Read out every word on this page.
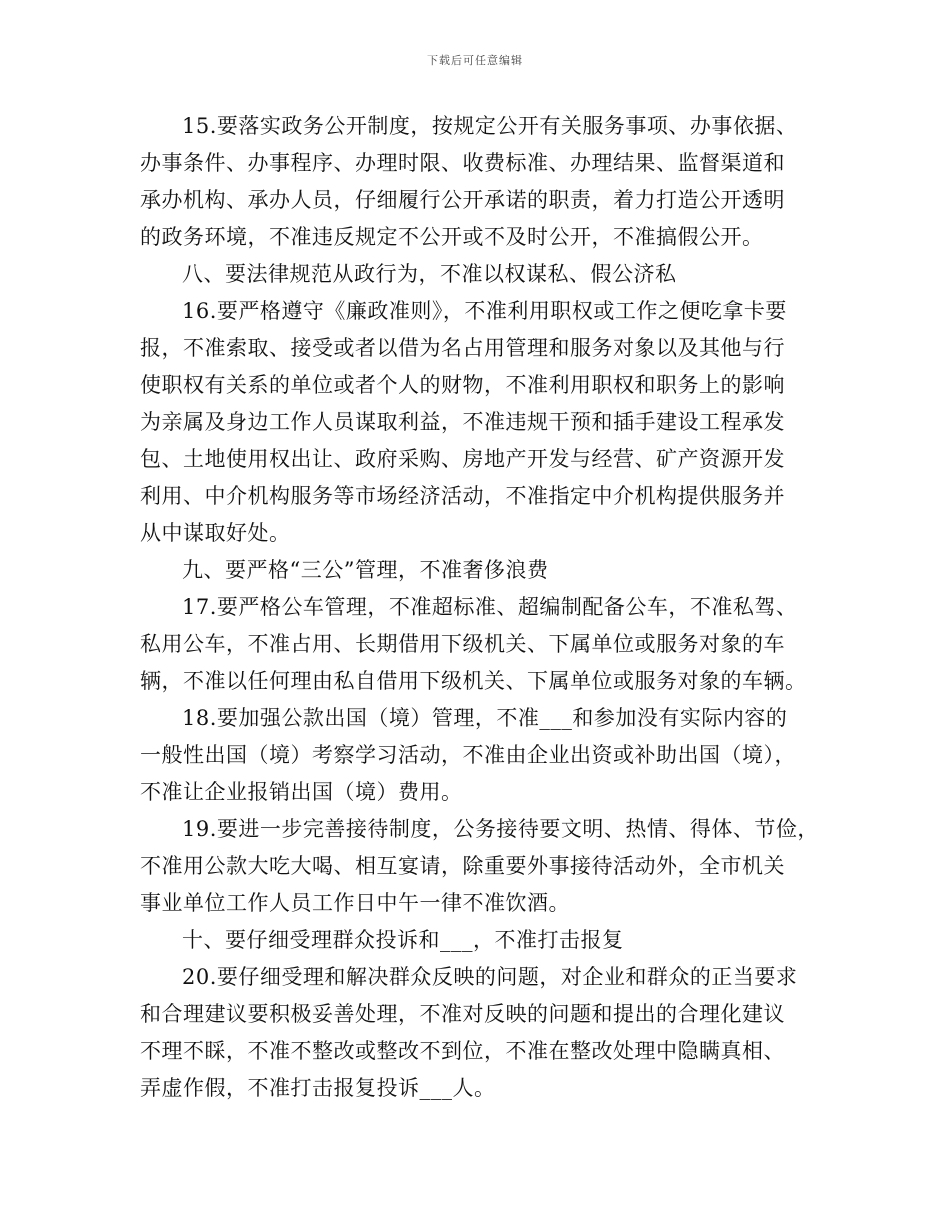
下载后可任意编辑

15.要落实政务公开制度，按规定公开有关服务事项、办事依据、
办事条件、办事程序、办理时限、收费标准、办理结果、监督渠道和
承办机构、承办人员，仔细履行公开承诺的职责，着力打造公开透明
的政务环境，不准违反规定不公开或不及时公开，不准搞假公开。

八、要法律规范从政行为，不准以权谋私、假公济私

16.要严格遵守《廉政准则》，不准利用职权或工作之便吃拿卡要
报，不准索取、接受或者以借为名占用管理和服务对象以及其他与行
使职权有关系的单位或者个人的财物，不准利用职权和职务上的影响
为亲属及身边工作人员谋取利益，不准违规干预和插手建设工程承发
包、土地使用权出让、政府采购、房地产开发与经营、矿产资源开发
利用、中介机构服务等市场经济活动，不准指定中介机构提供服务并
从中谋取好处。

九、要严格“三公”管理，不准奢侈浪费

17.要严格公车管理，不准超标准、超编制配备公车，不准私驾、
私用公车，不准占用、长期借用下级机关、下属单位或服务对象的车
辆，不准以任何理由私自借用下级机关、下属单位或服务对象的车辆。

18.要加强公款出国（境）管理，不准___和参加没有实际内容的
一般性出国（境）考察学习活动，不准由企业出资或补助出国（境），
不准让企业报销出国（境）费用。

19.要进一步完善接待制度，公务接待要文明、热情、得体、节俭，
不准用公款大吃大喝、相互宴请，除重要外事接待活动外，全市机关
事业单位工作人员工作日中午一律不准饮酒。

十、要仔细受理群众投诉和___，不准打击报复

20.要仔细受理和解决群众反映的问题，对企业和群众的正当要求
和合理建议要积极妥善处理，不准对反映的问题和提出的合理化建议
不理不睬，不准不整改或整改不到位，不准在整改处理中隐瞒真相、
弄虚作假，不准打击报复投诉___人。
